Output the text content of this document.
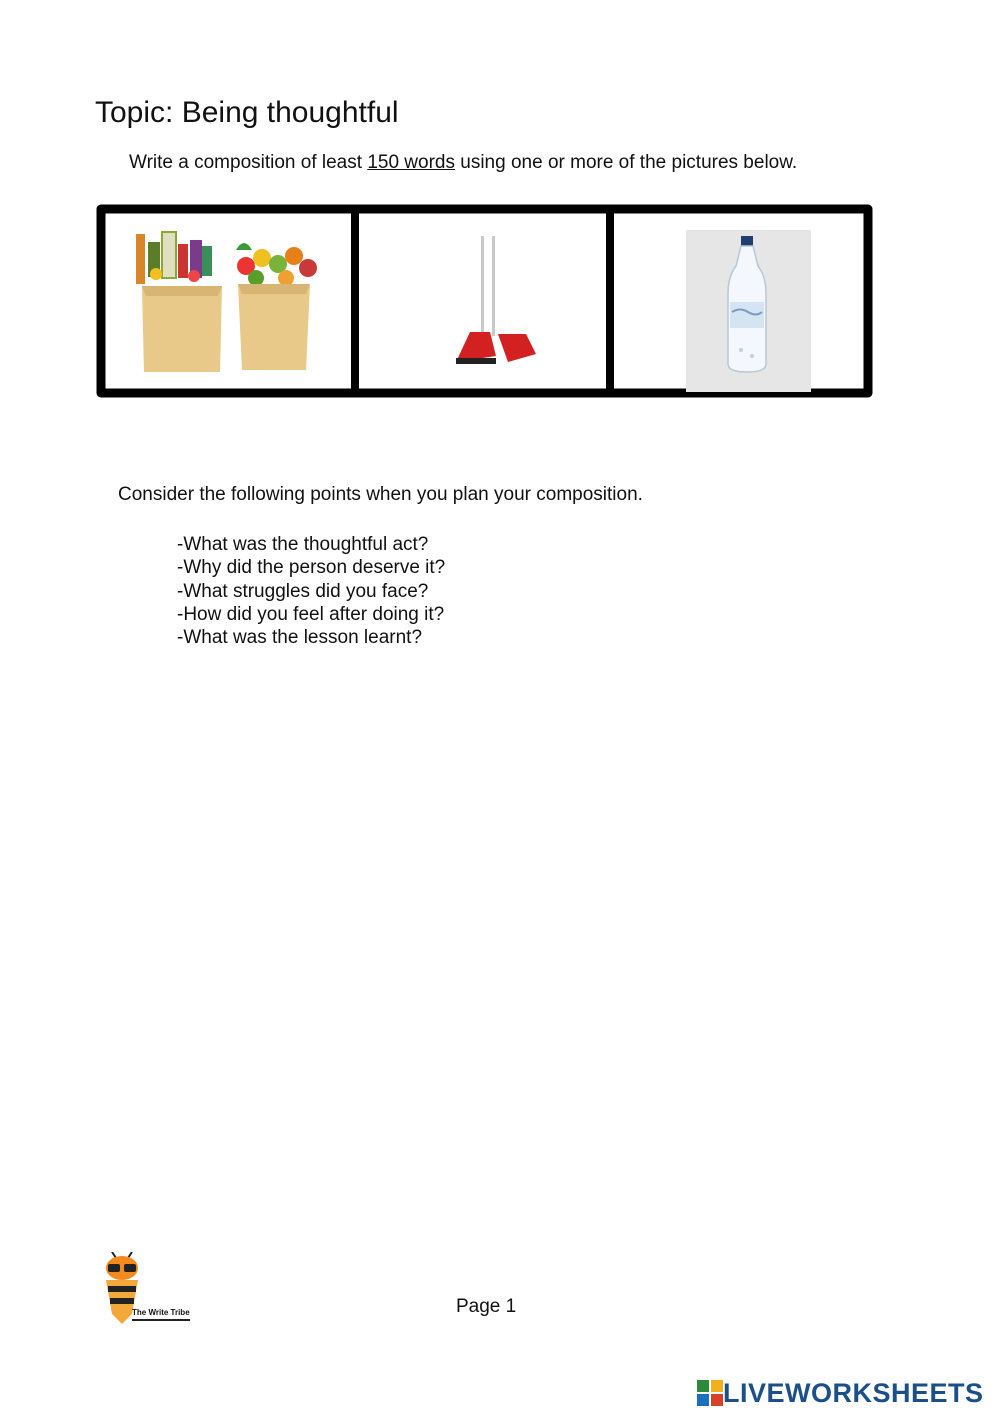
Topic: Being thoughtful
Write a composition of least 150 words using one or more of the pictures below.
Consider the following points when you plan your composition.
-What was the thoughtful act?
-Why did the person deserve it?
-What struggles did you face?
-How did you feel after doing it?
-What was the lesson learnt?
The Write Tribe	Page 1
LIVEWORKSHEETS
